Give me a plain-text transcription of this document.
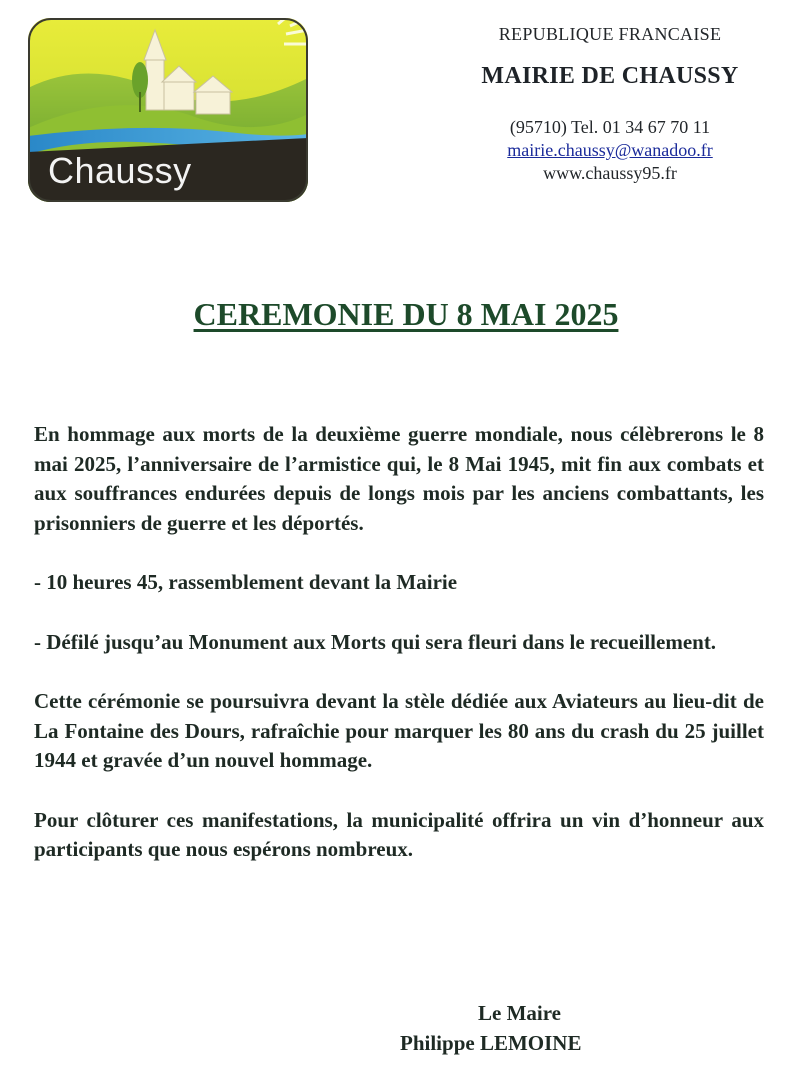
Chaussy
REPUBLIQUE FRANCAISE
MAIRIE DE CHAUSSY
(95710) Tel. 01 34 67 70 11
mairie.chaussy@wanadoo.fr
www.chaussy95.fr
CEREMONIE DU 8 MAI 2025

En hommage aux morts de la deuxième guerre mondiale, nous célèbrerons le 8 mai 2025, l’anniversaire de l’armistice qui, le 8 Mai 1945, mit fin aux combats et aux souffrances endurées depuis de longs mois par les anciens combattants, les prisonniers de guerre et les déportés.

- 10 heures 45, rassemblement devant la Mairie

- Défilé jusqu’au Monument aux Morts qui sera fleuri dans le recueillement.

Cette cérémonie se poursuivra devant la stèle dédiée aux Aviateurs au lieu-dit de La Fontaine des Dours, rafraîchie pour marquer les 80 ans du crash du 25 juillet 1944 et gravée d’un nouvel hommage.

Pour clôturer ces manifestations, la municipalité offrira un vin d’honneur aux participants que nous espérons nombreux.

Le Maire
Philippe LEMOINE
